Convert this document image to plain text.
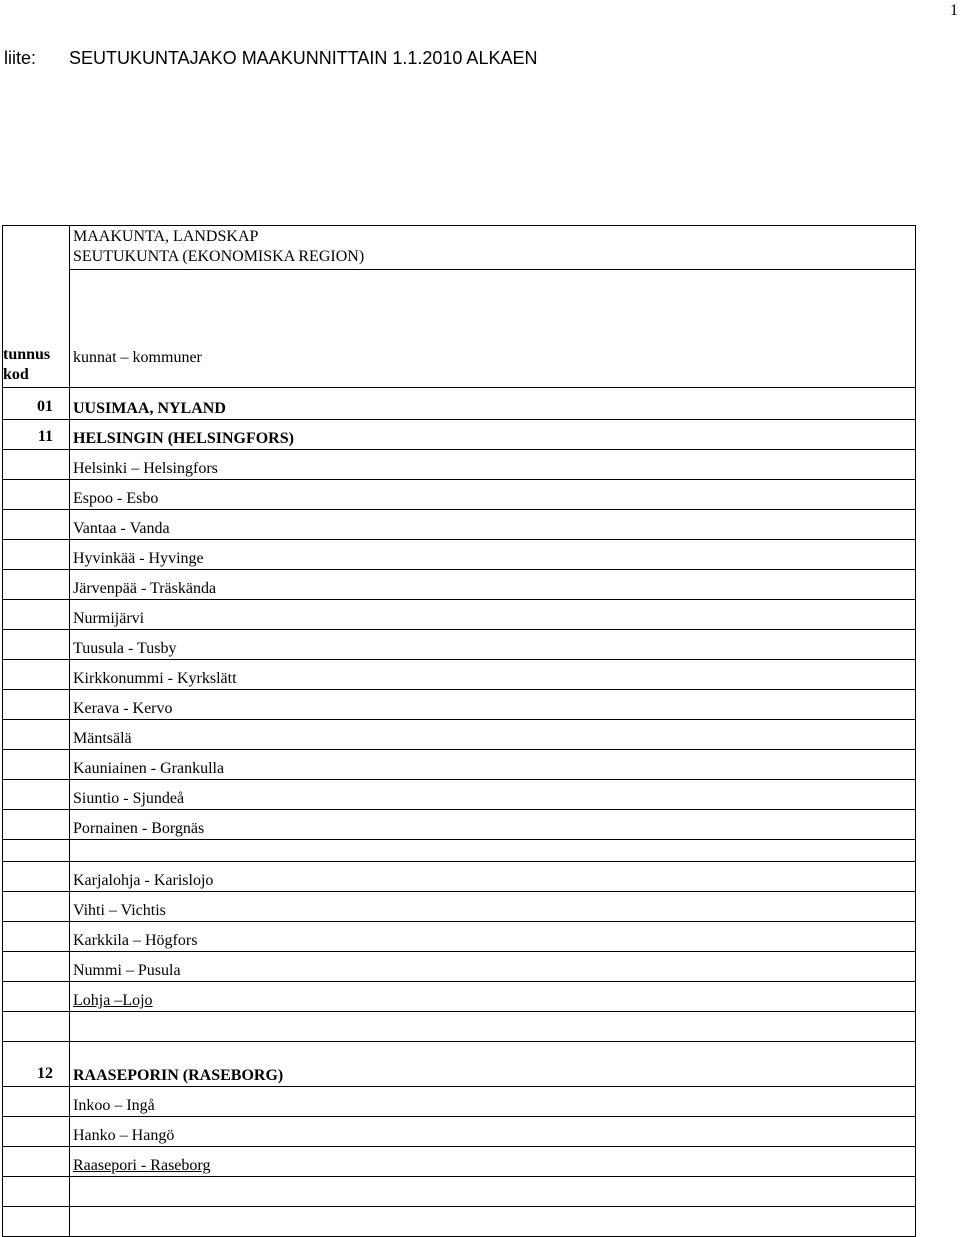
1
liite: SEUTUKUNTAJAKO MAAKUNNITTAIN 1.1.2010 ALKAEN

	MAAKUNTA, LANDSKAP
SEUTUKUNTA (EKONOMISKA REGION)

tunnus
kod	kunnat – kommuner
01	UUSIMAA, NYLAND
11	HELSINGIN (HELSINGFORS)
	Helsinki – Helsingfors
	Espoo - Esbo
	Vantaa - Vanda
	Hyvinkää - Hyvinge
	Järvenpää - Träskända
	Nurmijärvi
	Tuusula - Tusby
	Kirkkonummi - Kyrkslätt
	Kerava - Kervo
	Mäntsälä
	Kauniainen - Grankulla
	Siuntio - Sjundeå
	Pornainen - Borgnäs

	Karjalohja - Karislojo
	Vihti – Vichtis
	Karkkila – Högfors
	Nummi – Pusula
	Lohja –Lojo

12	RAASEPORIN (RASEBORG)
	Inkoo – Ingå
	Hanko – Hangö
	Raasepori - Raseborg
